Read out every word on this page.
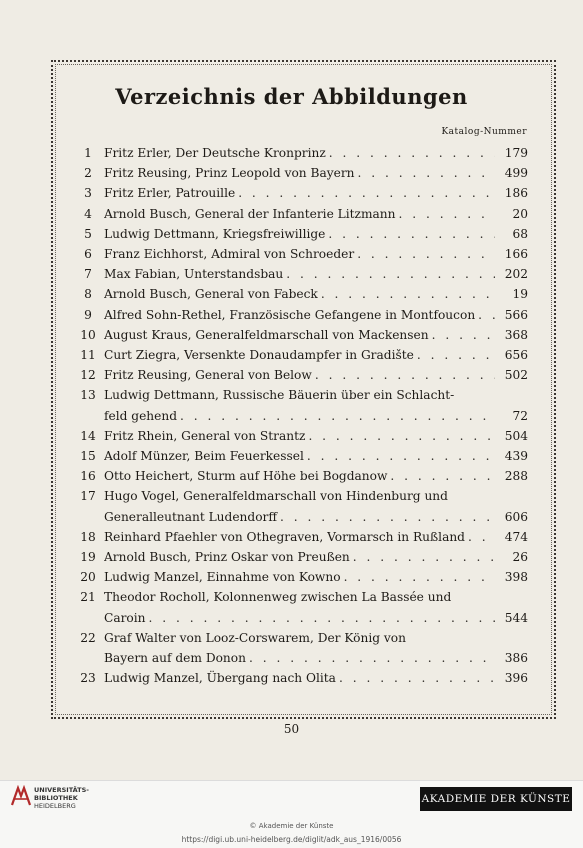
Verzeichnis der Abbildungen
Katalog-Nummer
1 Fritz Erler, Der Deutsche Kronprinz . . .	179
2 Fritz Reusing, Prinz Leopold von Bayern . . .	499
3 Fritz Erler, Patrouille . . .	186
4 Arnold Busch, General der Infanterie Litzmann . . .	20
5 Ludwig Dettmann, Kriegsfreiwillige . . .	68
6 Franz Eichhorst, Admiral von Schroeder . . .	166
7 Max Fabian, Unterstandsbau . . .	202
8 Arnold Busch, General von Fabeck . . .	19
9 Alfred Sohn-Rethel, Französische Gefangene in Montfoucon . . .	566
10 August Kraus, Generalfeldmarschall von Mackensen . . .	368
11 Curt Ziegra, Versenkte Donaudampfer in Gradište . . .	656
12 Fritz Reusing, General von Below . . .	502
13 Ludwig Dettmann, Russische Bäuerin über ein Schlacht-
feld gehend . . .	72
14 Fritz Rhein, General von Strantz . . .	504
15 Adolf Münzer, Beim Feuerkessel . . .	439
16 Otto Heichert, Sturm auf Höhe bei Bogdanow . . .	288
17 Hugo Vogel, Generalfeldmarschall von Hindenburg und
Generalleutnant Ludendorff . . .	606
18 Reinhard Pfaehler von Othegraven, Vormarsch in Rußland . . .	474
19 Arnold Busch, Prinz Oskar von Preußen . . .	26
20 Ludwig Manzel, Einnahme von Kowno . . .	398
21 Theodor Rocholl, Kolonnenweg zwischen La Bassée und
Caroin . . .	544
22 Graf Walter von Looz-Corswarem, Der König von
Bayern auf dem Donon . . .	386
23 Ludwig Manzel, Übergang nach Olita . . .	396
50
UNIVERSITÄTS-
BIBLIOTHEK
HEIDELBERG
AKADEMIE DER KÜNSTE
© Akademie der Künste
https://digi.ub.uni-heidelberg.de/diglit/adk_aus_1916/0056
